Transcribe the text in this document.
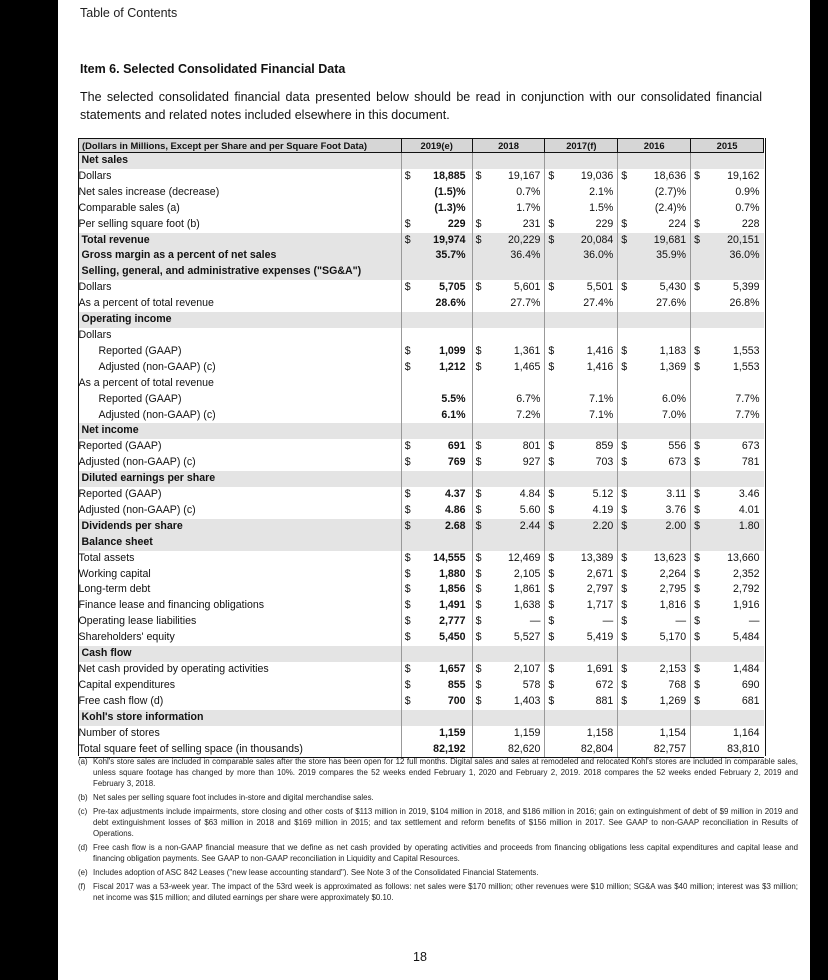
Table of Contents
Item 6. Selected Consolidated Financial Data
The selected consolidated financial data presented below should be read in conjunction with our consolidated financial statements and related notes included elsewhere in this document.
(Dollars in Millions, Except per Share and per Square Foot Data)	2019(e)	2018	2017(f)	2016	2015
Net sales	

Dollars	$ 18,885	$ 19,167	$ 19,036	$ 18,636	$ 19,162

Net sales increase (decrease)	(1.5)%	0.7%	2.1%	(2.7)%	0.9%

Comparable sales (a)	(1.3)%	1.7%	1.5%	(2.4)%	0.7%

Per selling square foot (b)	$ 229	$ 231	$ 229	$ 224	$ 228

Total revenue	$ 19,974	$ 20,229	$ 20,084	$ 19,681	$ 20,151

Gross margin as a percent of net sales	35.7%	36.4%	36.0%	35.9%	36.0%

Selling, general, and administrative expenses ("SG&A")	

Dollars	$ 5,705	$ 5,601	$ 5,501	$ 5,430	$ 5,399

As a percent of total revenue	28.6%	27.7%	27.4%	27.6%	26.8%

Operating income	

Dollars	

Reported (GAAP)	$ 1,099	$ 1,361	$ 1,416	$ 1,183	$ 1,553

Adjusted (non-GAAP) (c)	$ 1,212	$ 1,465	$ 1,416	$ 1,369	$ 1,553

As a percent of total revenue	

Reported (GAAP)	5.5%	6.7%	7.1%	6.0%	7.7%

Adjusted (non-GAAP) (c)	6.1%	7.2%	7.1%	7.0%	7.7%

Net income	

Reported (GAAP)	$ 691	$ 801	$ 859	$ 556	$ 673

Adjusted (non-GAAP) (c)	$ 769	$ 927	$ 703	$ 673	$ 781

Diluted earnings per share	

Reported (GAAP)	$ 4.37	$ 4.84	$ 5.12	$ 3.11	$ 3.46

Adjusted (non-GAAP) (c)	$ 4.86	$ 5.60	$ 4.19	$ 3.76	$ 4.01

Dividends per share	$ 2.68	$ 2.44	$ 2.20	$ 2.00	$ 1.80

Balance sheet	

Total assets	$ 14,555	$ 12,469	$ 13,389	$ 13,623	$ 13,660

Working capital	$ 1,880	$ 2,105	$ 2,671	$ 2,264	$ 2,352

Long-term debt	$ 1,856	$ 1,861	$ 2,797	$ 2,795	$ 2,792

Finance lease and financing obligations	$ 1,491	$ 1,638	$ 1,717	$ 1,816	$ 1,916

Operating lease liabilities	$ 2,777	$ —	$ —	$ —	$ —

Shareholders' equity	$ 5,450	$ 5,527	$ 5,419	$ 5,170	$ 5,484

Cash flow	

Net cash provided by operating activities	$ 1,657	$ 2,107	$ 1,691	$ 2,153	$ 1,484

Capital expenditures	$ 855	$ 578	$ 672	$ 768	$ 690

Free cash flow (d)	$ 700	$ 1,403	$ 881	$ 1,269	$ 681

Kohl's store information	

Number of stores	1,159	1,159	1,158	1,154	1,164

Total square feet of selling space (in thousands)	82,192	82,620	82,804	82,757	83,810
(a) Kohl's store sales are included in comparable sales after the store has been open for 12 full months. Digital sales and sales at remodeled and relocated Kohl's stores are included in comparable sales, unless square footage has changed by more than 10%. 2019 compares the 52 weeks ended February 1, 2020 and February 2, 2019. 2018 compares the 52 weeks ended February 2, 2019 and February 3, 2018.
(b) Net sales per selling square foot includes in-store and digital merchandise sales.
(c) Pre-tax adjustments include impairments, store closing and other costs of $113 million in 2019, $104 million in 2018, and $186 million in 2016; gain on extinguishment of debt of $9 million in 2019 and debt extinguishment losses of $63 million in 2018 and $169 million in 2015; and tax settlement and reform benefits of $156 million in 2017. See GAAP to non-GAAP reconciliation in Results of Operations.
(d) Free cash flow is a non-GAAP financial measure that we define as net cash provided by operating activities and proceeds from financing obligations less capital expenditures and capital lease and financing obligation payments. See GAAP to non-GAAP reconciliation in Liquidity and Capital Resources.
(e) Includes adoption of ASC 842 Leases ("new lease accounting standard"). See Note 3 of the Consolidated Financial Statements.
(f) Fiscal 2017 was a 53-week year. The impact of the 53rd week is approximated as follows: net sales were $170 million; other revenues were $10 million; SG&A was $40 million; interest was $3 million; net income was $15 million; and diluted earnings per share were approximately $0.10.
18
